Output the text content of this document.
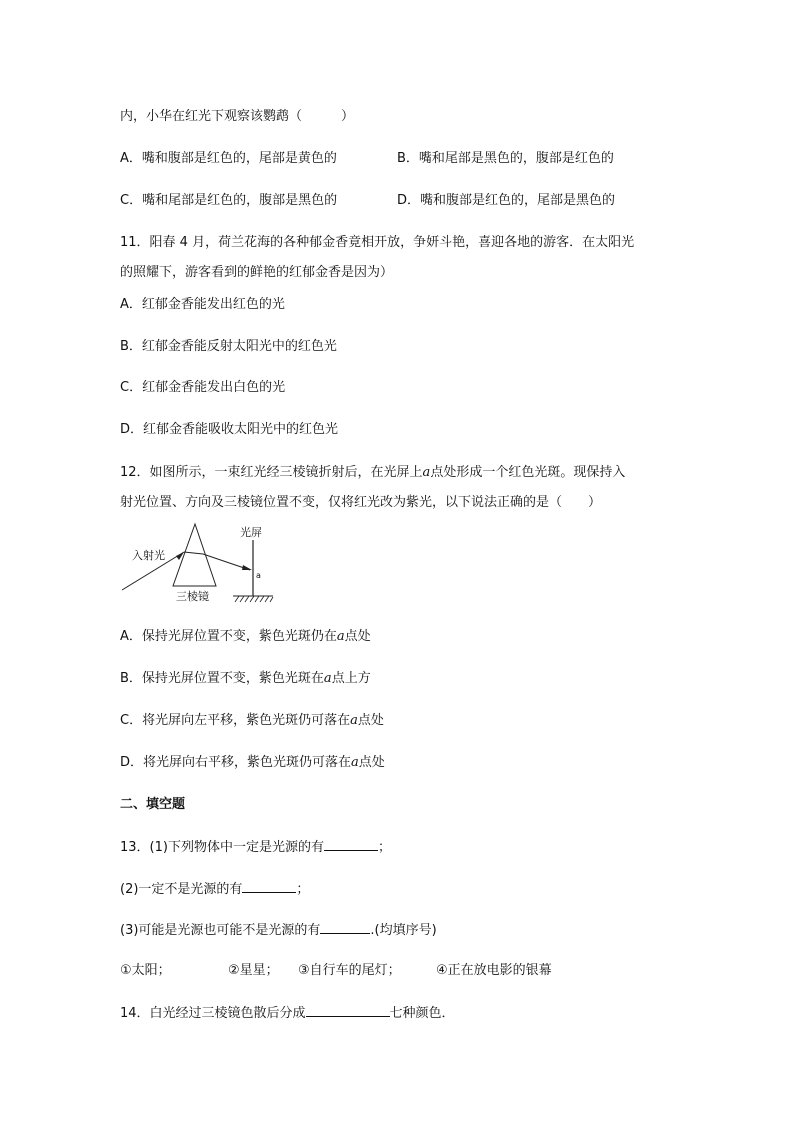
内，小华在红光下观察该鹦鹉（　　　）
A．嘴和腹部是红色的，尾部是黄色的	B．嘴和尾部是黑色的，腹部是红色的
C．嘴和尾部是红色的，腹部是黑色的	D．嘴和腹部是红色的，尾部是黑色的
11．阳春 4 月，荷兰花海的各种郁金香竟相开放，争妍斗艳，喜迎各地的游客．在太阳光
的照耀下，游客看到的鲜艳的红郁金香是因为）
A．红郁金香能发出红色的光
B．红郁金香能反射太阳光中的红色光
C．红郁金香能发出白色的光
D．红郁金香能吸收太阳光中的红色光
12．如图所示，一束红光经三棱镜折射后，在光屏上a点处形成一个红色光斑。现保持入
射光位置、方向及三棱镜位置不变，仅将红光改为紫光，以下说法正确的是（　　）
入射光
光屏
三棱镜
a
A．保持光屏位置不变，紫色光斑仍在a点处
B．保持光屏位置不变，紫色光斑在a点上方
C．将光屏向左平移，紫色光斑仍可落在a点处
D．将光屏向右平移，紫色光斑仍可落在a点处
二、填空题
13．(1)下列物体中一定是光源的有	；
(2)一定不是光源的有	；
(3)可能是光源也可能不是光源的有	.(均填序号)
①太阳；	②星星； ③自行车的尾灯；	④正在放电影的银幕
14．白光经过三棱镜色散后分成	七种颜色．
